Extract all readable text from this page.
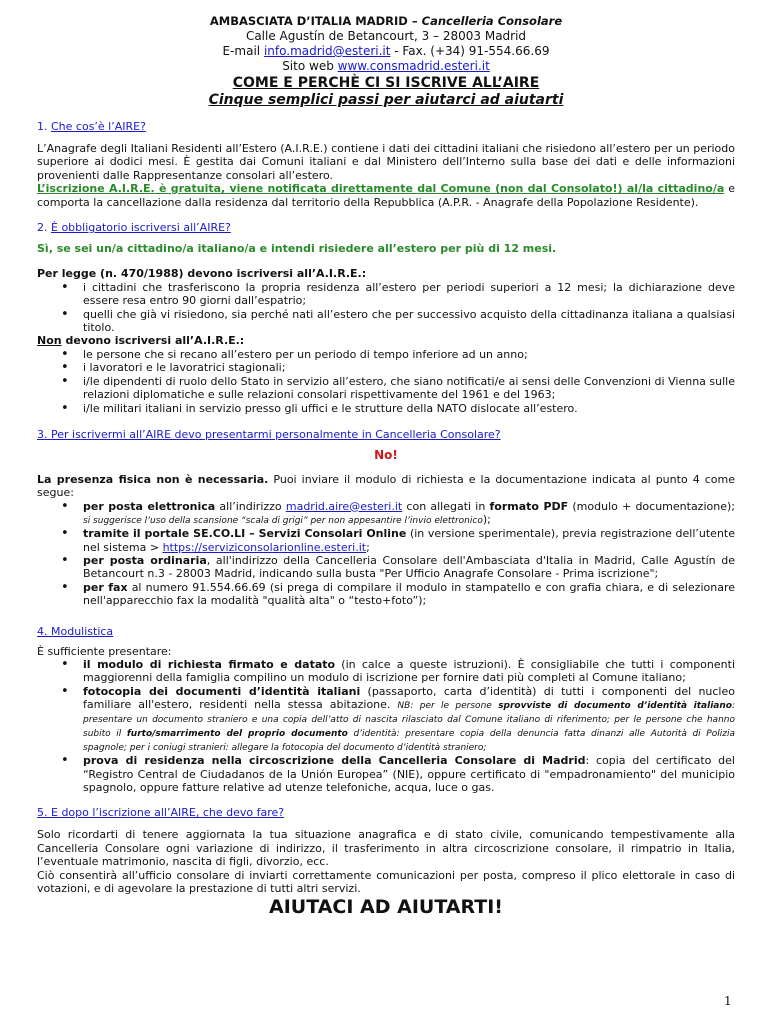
AMBASCIATA D’ITALIA MADRID – Cancelleria Consolare
Calle Agustín de Betancourt, 3 – 28003 Madrid
E-mail info.madrid@esteri.it - Fax. (+34) 91-554.66.69
Sito web www.consmadrid.esteri.it
COME E PERCHÈ CI SI ISCRIVE ALL’AIRE
Cinque semplici passi per aiutarci ad aiutarti
1. Che cos’è l’AIRE?

L’Anagrafe degli Italiani Residenti all’Estero (A.I.R.E.) contiene i dati dei cittadini italiani che risiedono all’estero per un periodo superiore ai dodici mesi. È gestita dai Comuni italiani e dal Ministero dell’Interno sulla base dei dati e delle informazioni provenienti dalle Rappresentanze consolari all’estero.

L’iscrizione A.I.R.E. è gratuita, viene notificata direttamente dal Comune (non dal Consolato!) al/la cittadino/a e comporta la cancellazione dalla residenza dal territorio della Repubblica (A.P.R. - Anagrafe della Popolazione Residente).

2. È obbligatorio iscriversi all’AIRE?

Sì, se sei un/a cittadino/a italiano/a e intendi risiedere all’estero per più di 12 mesi.

Per legge (n. 470/1988) devono iscriversi all’A.I.R.E.:

• i cittadini che trasferiscono la propria residenza all’estero per periodi superiori a 12 mesi; la dichiarazione deve essere resa entro 90 giorni dall’espatrio;
• quelli che già vi risiedono, sia perché nati all’estero che per successivo acquisto della cittadinanza italiana a qualsiasi titolo.

Non devono iscriversi all’A.I.R.E.:

• le persone che si recano all’estero per un periodo di tempo inferiore ad un anno;
• i lavoratori e le lavoratrici stagionali;
• i/le dipendenti di ruolo dello Stato in servizio all’estero, che siano notificati/e ai sensi delle Convenzioni di Vienna sulle relazioni diplomatiche e sulle relazioni consolari rispettivamente del 1961 e del 1963;
• i/le militari italiani in servizio presso gli uffici e le strutture della NATO dislocate all’estero.
3. Per iscrivermi all’AIRE devo presentarmi personalmente in Cancelleria Consolare?
No!

La presenza fisica non è necessaria. Puoi inviare il modulo di richiesta e la documentazione indicata al punto 4 come segue:

• per posta elettronica all’indirizzo madrid.aire@esteri.it con allegati in formato PDF (modulo + documentazione); si suggerisce l’uso della scansione “scala di grigi” per non appesantire l’invio elettronico);
• tramite il portale SE.CO.LI – Servizi Consolari Online (in versione sperimentale), previa registrazione dell’utente nel sistema > https://serviziconsolarionline.esteri.it;
• per posta ordinaria, all'indirizzo della Cancelleria Consolare dell'Ambasciata d'Italia in Madrid, Calle Agustín de Betancourt n.3 - 28003 Madrid, indicando sulla busta "Per Ufficio Anagrafe Consolare - Prima iscrizione";
• per fax al numero 91.554.66.69 (si prega di compilare il modulo in stampatello e con grafia chiara, e di selezionare nell'apparecchio fax la modalità "qualità alta" o “testo+foto”);
4. Modulistica

È sufficiente presentare:

• il modulo di richiesta firmato e datato (in calce a queste istruzioni). È consigliabile che tutti i componenti maggiorenni della famiglia compilino un modulo di iscrizione per fornire dati più completi al Comune italiano;
• fotocopia dei documenti d’identità italiani (passaporto, carta d’identità) di tutti i componenti del nucleo familiare all'estero, residenti nella stessa abitazione. NB: per le persone sprovviste di documento d’identità italiano: presentare un documento straniero e una copia dell’atto di nascita rilasciato dal Comune italiano di riferimento; per le persone che hanno subito il furto/smarrimento del proprio documento d’identità: presentare copia della denuncia fatta dinanzi alle Autorità di Polizia spagnole; per i coniugi stranieri: allegare la fotocopia del documento d’identità straniero;
• prova di residenza nella circoscrizione della Cancelleria Consolare di Madrid: copia del certificato del “Registro Central de Ciudadanos de la Unión Europea” (NIE), oppure certificato di "empadronamiento" del municipio spagnolo, oppure fatture relative ad utenze telefoniche, acqua, luce o gas.
5. E dopo l’iscrizione all’AIRE, che devo fare?

Solo ricordarti di tenere aggiornata la tua situazione anagrafica e di stato civile, comunicando tempestivamente alla Cancelleria Consolare ogni variazione di indirizzo, il trasferimento in altra circoscrizione consolare, il rimpatrio in Italia, l’eventuale matrimonio, nascita di figli, divorzio, ecc.

Ciò consentirà all’ufficio consolare di inviarti correttamente comunicazioni per posta, compreso il plico elettorale in caso di votazioni, e di agevolare la prestazione di tutti altri servizi.

AIUTACI AD AIUTARTI!
1
